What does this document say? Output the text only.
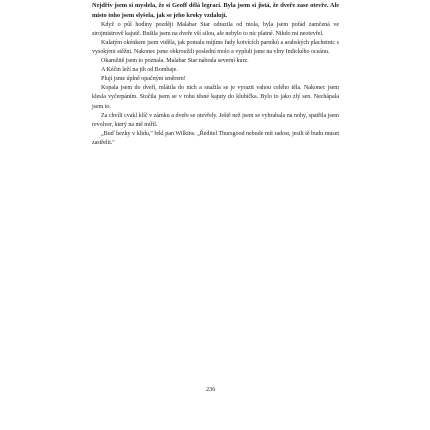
Nejdřív jsem si myslela, že si Geoff dělá legraci. Byla jsem si jistá, že dveře zase otevře. Ale místo toho jsem slyšela, jak se jeho kroky vzdalují.

Když o půl hodiny později Malabar Star odrazila od mola, byla jsem pořád zamčená ve strojmistrově kajutě. Bušila jsem na dveře vší silou, ale nebylo to nic platné. Nikdo mi neotevřel.

Kulatým okénkem jsem viděla, jak pomalu míjíme řady kotvících parníků a arabských plachetnic s vysokými stěžni. Nakonec jsme obkroužili poslední molo a vypluli jsme na vlny Indického oceánu.

Okamžitě jsem to poznala. Malabar Star nabrala severní kurz.

A Kéčin leží na jih od Bombaje.

Plují jsme úplně opačným směrem!

Kopala jsem do dveří, mlátila do nich a snažila se je vyrazit vahou celého těla. Nakonec jsem klesla vyčerpáním. Stočila jsem se v rohu těsné kajuty do klubíčka. Bylo to jako zlý sen. Nechápala jsem to.

Za chvíli cvakl klíč v zámku a dveře se otevřely. Ještě než jsem se vyhrabala na nohy, spatřila jsem revolver, který na mě mířil.

„Buď hezky v klidu," řekl pan Wilkins. „Ředitel Thursgood nebude mít radost, jestli tě budu muset zastřelit."

236
